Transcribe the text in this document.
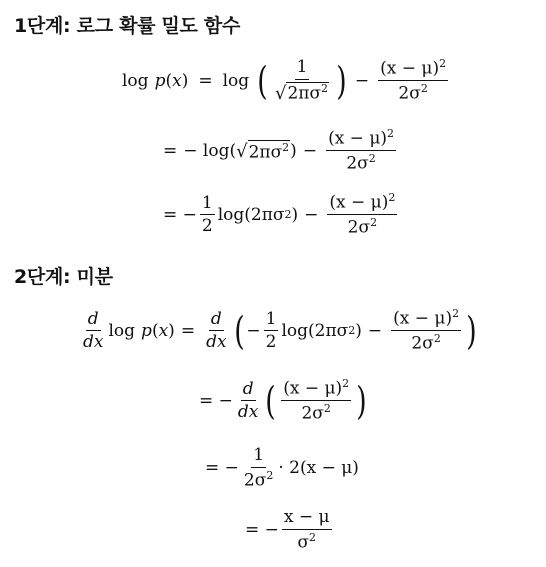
1단계: 로그 확률 밀도 함수
log p ( x ) = log ( $\frac{1}{√ 2\pi\sigma^2}$ ) − $\frac{(x - \mu)^2}{2\sigma^2}$
= − log( √ $2\pi\sigma^2$ ) − $\frac{(x - \mu)^2}{2\sigma^2}$
= − $\frac{1}{2} \log(2\pi\sigma$ 2 ) − $\frac{(x - \mu)^2}{2\sigma^2}$
2단계: 미분
$\frac{d}{dx}$ log p ( x ) = $\frac{d}{dx}$ ( − $\frac{1}{2} \log(2\pi\sigma$ 2 ) − $\frac{(x - \mu)^2}{2\sigma^2}$ )
= − $\frac{d}{dx}$ ( $\frac{(x - \mu)^2}{2\sigma^2}$ )
= − $\frac{1}{2\sigma^2} \cdot 2(x - \mu)$
= − $\frac{x - \mu}{\sigma^2}$
